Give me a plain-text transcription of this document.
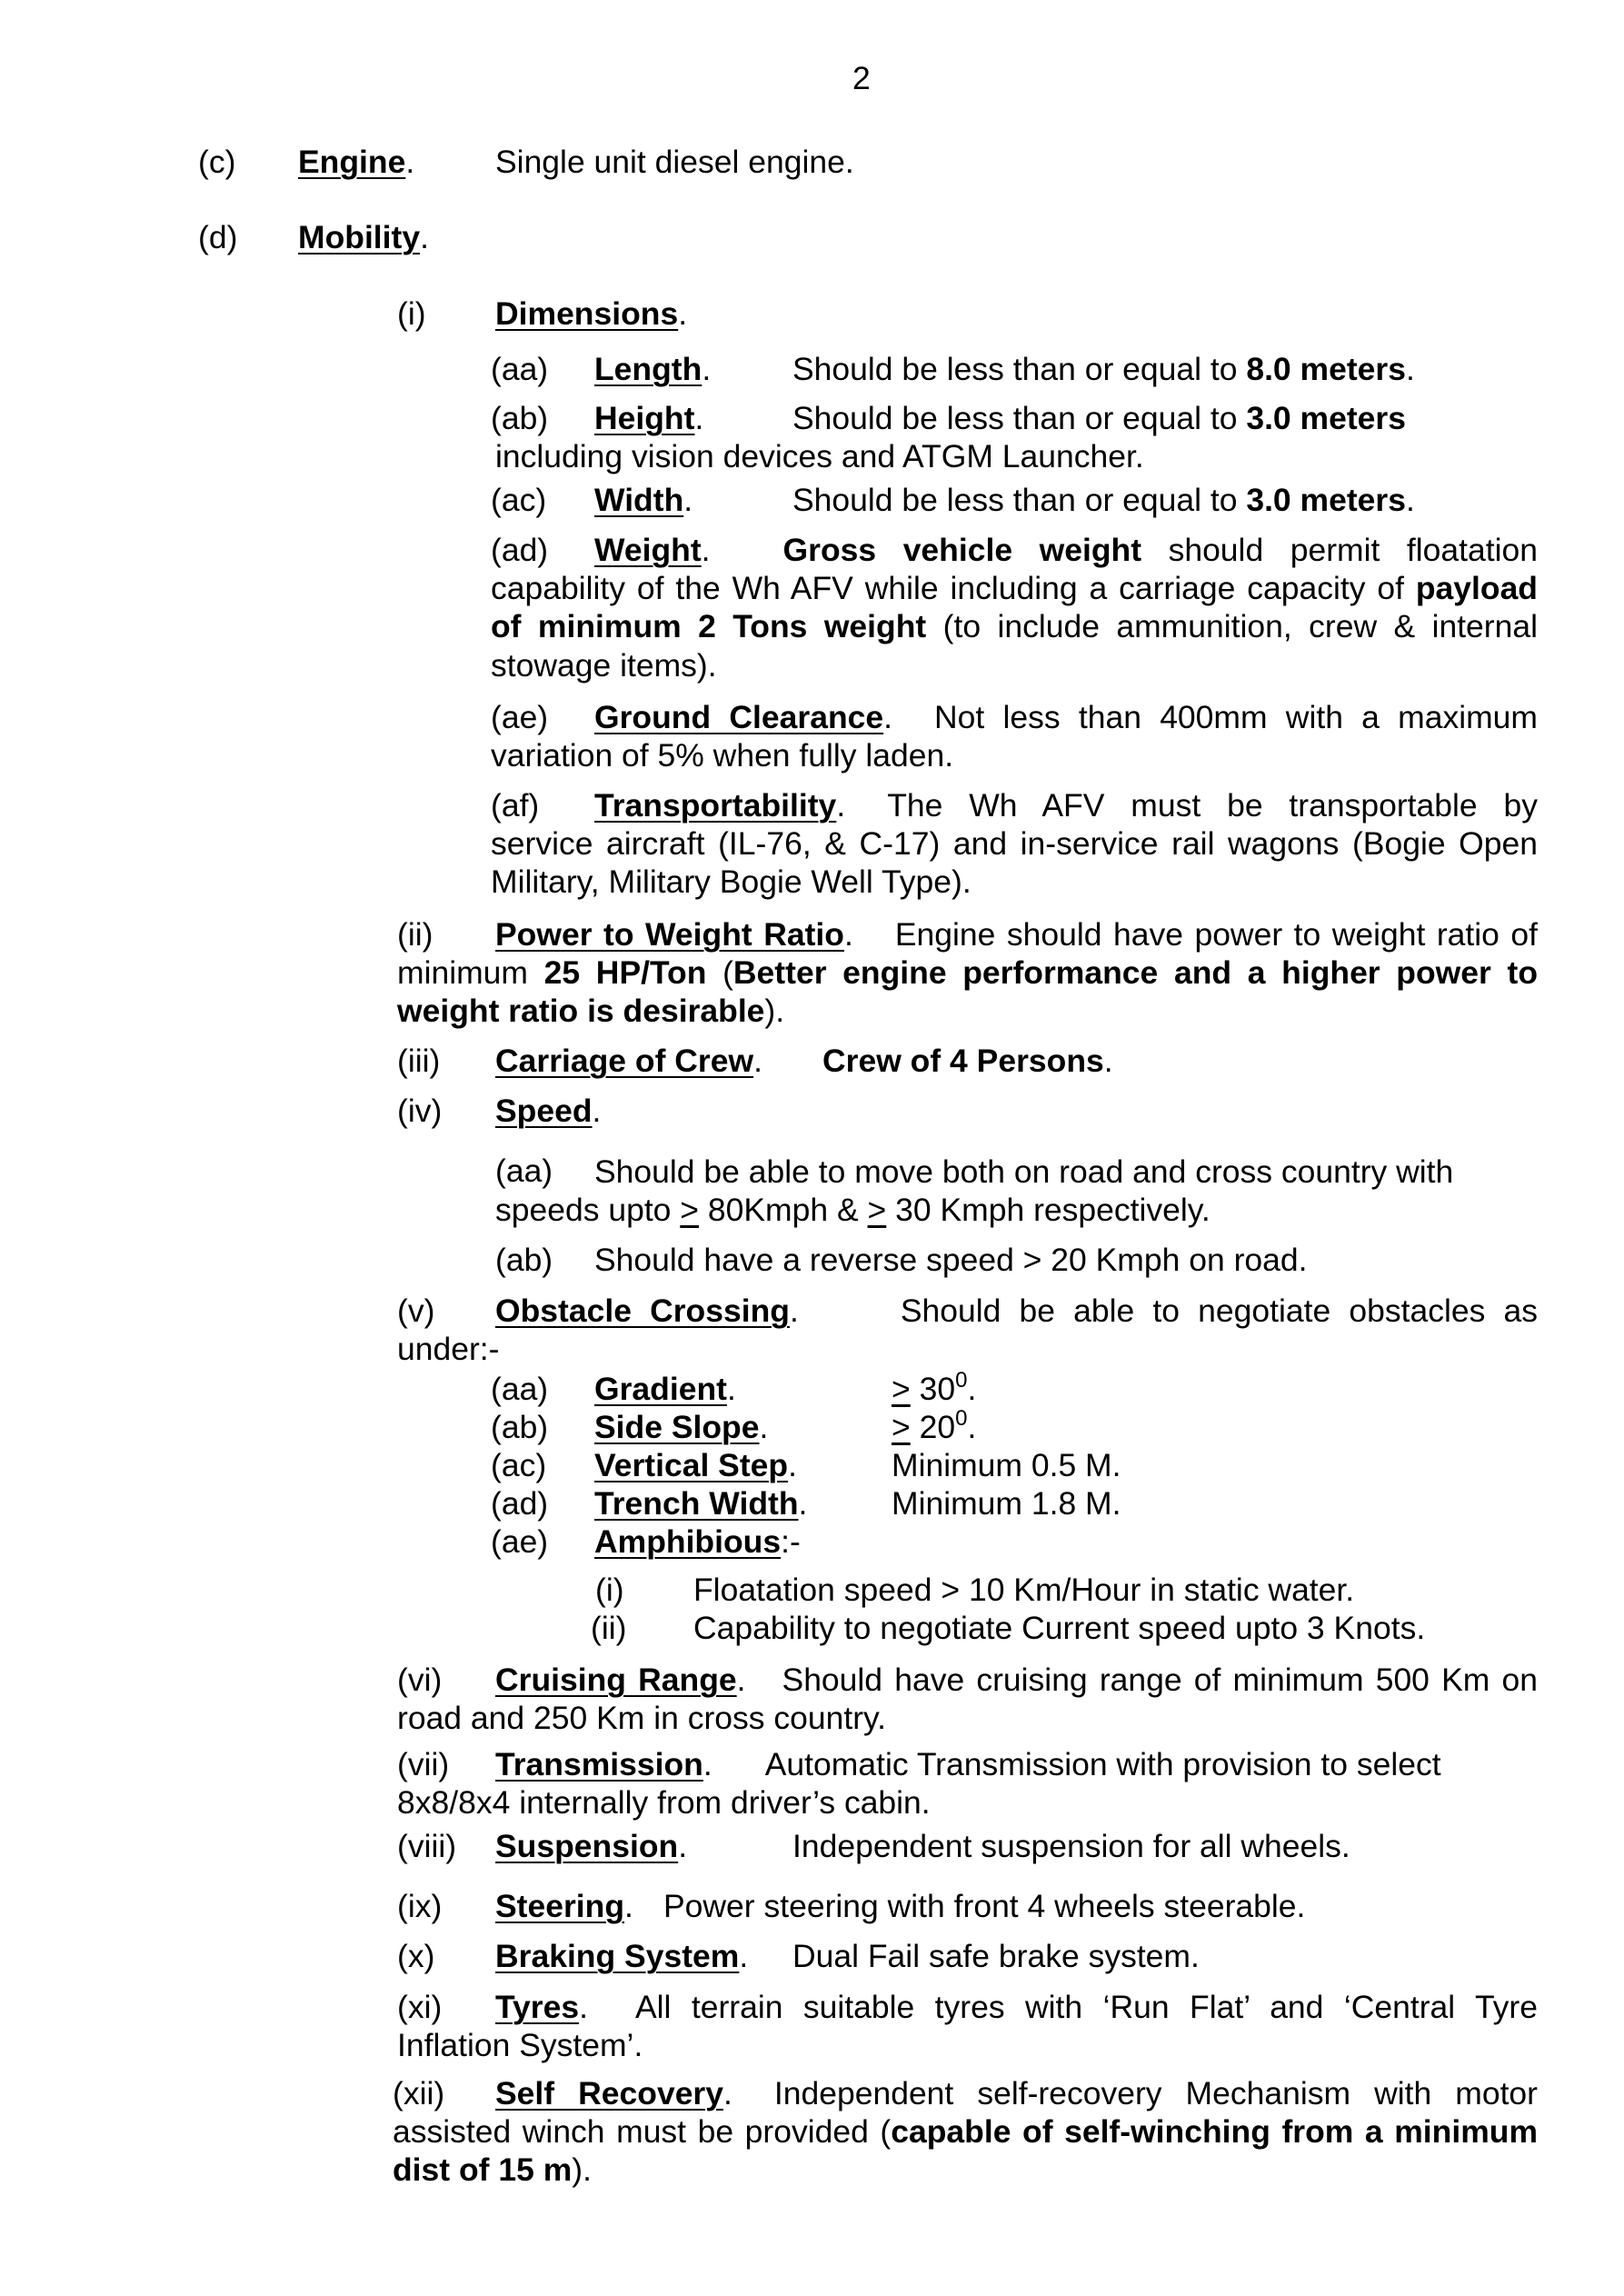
2
(c) Engine.	Single unit diesel engine.
(d) Mobility.
(i) Dimensions.
(aa) Length.	Should be less than or equal to 8.0 meters.
(ab) Height.	Should be less than or equal to 3.0 meters
including vision devices and ATGM Launcher.
(ac) Width.	Should be less than or equal to 3.0 meters.
(ad) Weight. Gross vehicle weight should permit floatation capability of the Wh AFV while including a carriage capacity of payload of minimum 2 Tons weight (to include ammunition, crew & internal stowage items).
(ae) Ground Clearance. Not less than 400mm with a maximum variation of 5% when fully laden.
(af) Transportability. The Wh AFV must be transportable by service aircraft (IL-76, & C-17) and in-service rail wagons (Bogie Open Military, Military Bogie Well Type).
(ii) Power to Weight Ratio. Engine should have power to weight ratio of minimum 25 HP/Ton (Better engine performance and a higher power to weight ratio is desirable).
(iii) Carriage of Crew. Crew of 4 Persons.
(iv) Speed.
(aa)	Should be able to move both on road and cross country with speeds upto > 80Kmph & > 30 Kmph respectively.
(ab) Should have a reverse speed > 20 Kmph on road.
(v) Obstacle Crossing.	Should be able to negotiate obstacles as under:-
(aa) Gradient.	> $30^0$.
(ab) Side Slope.	> $20^0$.
(ac) Vertical Step.	Minimum 0.5 M.
(ad) Trench Width.	Minimum 1.8 M.
(ae) Amphibious:-
(i) Floatation speed > 10 Km/Hour in static water.
(ii) Capability to negotiate Current speed upto 3 Knots.
(vi) Cruising Range. Should have cruising range of minimum 500 Km on road and 250 Km in cross country.
(vii) Transmission. Automatic Transmission with provision to select 8x8/8x4 internally from driver’s cabin.
(viii) Suspension.	Independent suspension for all wheels.
(ix) Steering. Power steering with front 4 wheels steerable.
(x) Braking System. Dual Fail safe brake system.
(xi) Tyres. All terrain suitable tyres with ‘Run Flat’ and ‘Central Tyre Inflation System’.
(xii) Self Recovery. Independent self-recovery Mechanism with motor assisted winch must be provided (capable of self-winching from a minimum dist of 15 m).
